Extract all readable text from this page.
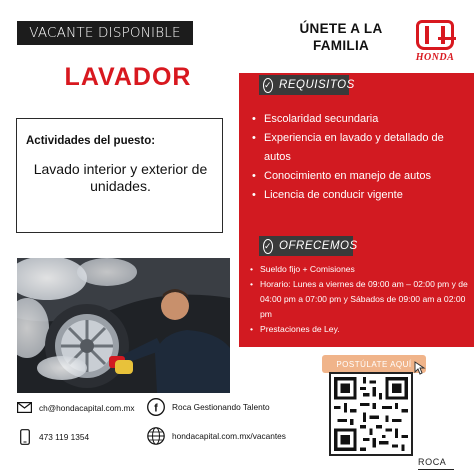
VACANTE DISPONIBLE	ÚNETE A LA
FAMILIA
HONDA
LAVADOR	✓ REQUISITOS
• Escolaridad secundaria
• Experiencia en lavado y detallado de autos
• Conocimiento en manejo de autos
• Licencia de conducir vigente
✓ OFRECEMOS
• Sueldo fijo + Comisiones
• Horario: Lunes a viernes de 09:00 am – 02:00 pm y de 04:00 pm a 07:00 pm y Sábados de 09:00 am a 02:00 pm
• Prestaciones de Ley.
Actividades del puesto:
Lavado interior y exterior de unidades.
POSTÚLATE AQUÍ
ch@hondacapital.com.mx f Roca Gestionando Talento
473 119 1354	hondacapital.com.mx/vacantes
ROCA
